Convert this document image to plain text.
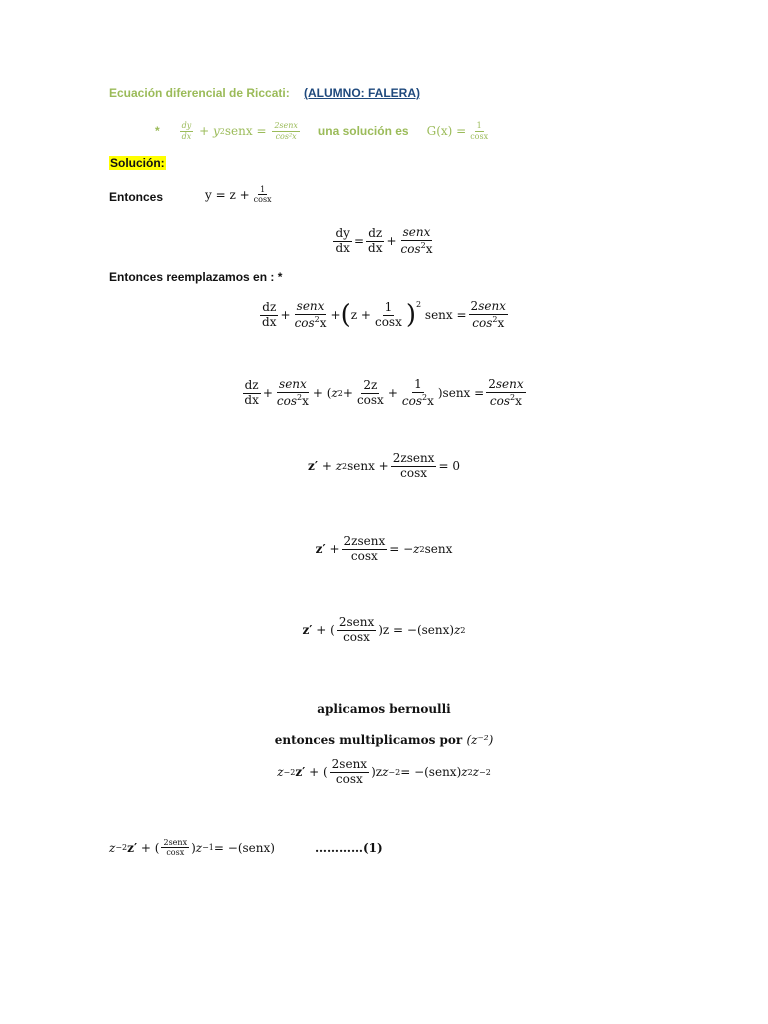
Ecuación diferencial de Riccati: (ALUMNO: FALERA)
*	$\frac{dy}{dx} + y$ 2 senx = $\frac{\text{2senx}}{\text{cos²x}}$ una solución es $G(x) = \frac{1}{\cos x}$
Solución:
Entonces	$y = z + \frac{1}{\cos x}$
$\frac{dy}{dx} = \frac{dz}{dx} + \frac{\text{senx}}{\cos^2x}$
Entonces reemplazamos en : *
$\frac{dz}{dx} + \frac{\text{senx}}{\cos^2x}$ + ( $z + \frac{1}{\cos x} )^2$
senx = $\frac{\text{2senx}}{\cos^2x}$
$\frac{dz}{dx} + \frac{\text{senx}}{\cos^2x}$ + ( z $2 + \frac{2z}{\cos x} + \frac{1}{\cos^2x}$ )senx = $\frac{\text{2senx}}{\cos^2x}$
z′ + z 2 senx + $\frac{\text{2zsenx}}{\cos x} = 0$
$z' + \frac{\text{2zsenx}}{\cos x}$ = − z 2 senx
z′ + ( $\frac{\text{2senx}}{\cos x} )z$ = −(senx) z 2
aplicamos bernoulli
entonces multiplicamos por
(z⁻²)
z −2 z′ + ( $\frac{\text{2senx}}{\cos x} )z$ z −2 = −(senx) z 2 z −2
z −2 z′ + ( $\frac{\text{2senx}}{\cos x}$ ) z −1 = −(senx)	…………(1)
